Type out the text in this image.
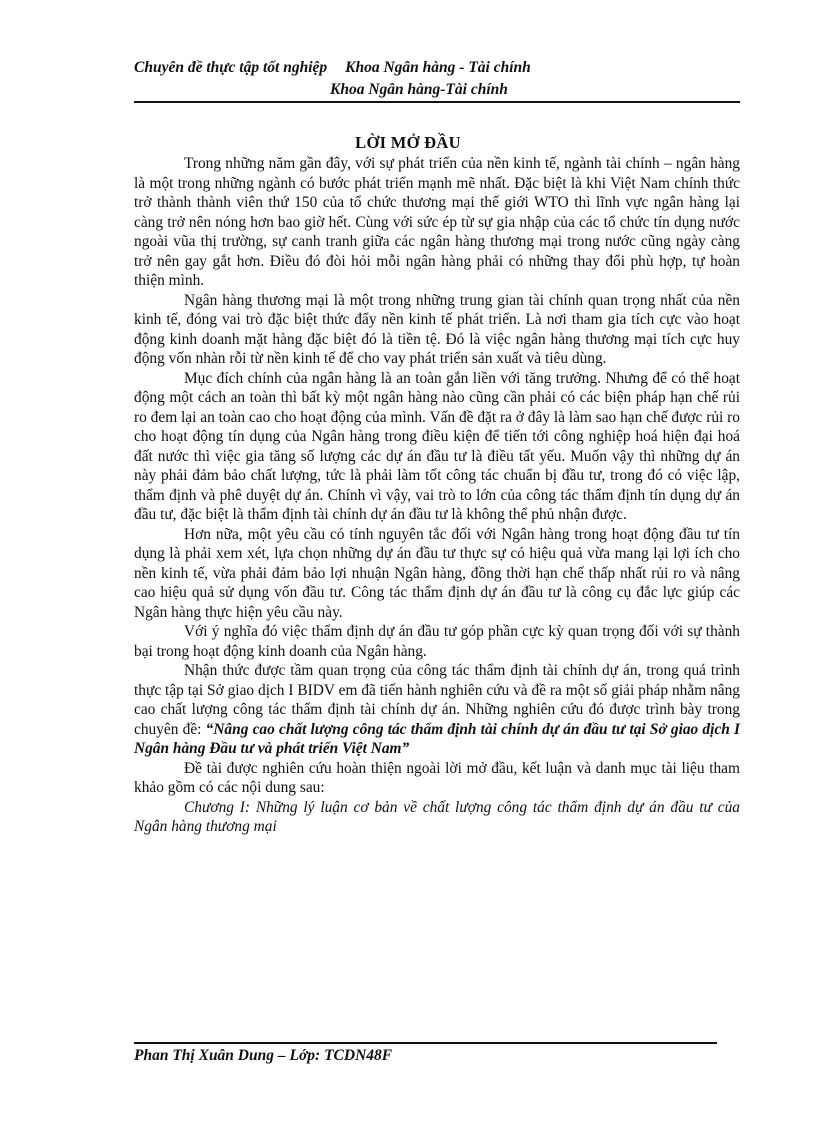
Chuyên đề thực tập tốt nghiệp Khoa Ngân hàng - Tài chính
Khoa Ngân hàng-Tài chính
LỜI MỞ ĐẦU

Trong những năm gần đây, với sự phát triển của nền kinh tế, ngành tài chính – ngân hàng là một trong những ngành có bước phát triển mạnh mẽ nhất. Đặc biệt là khi Việt Nam chính thức trở thành thành viên thứ 150 của tổ chức thương mại thế giới WTO thì lĩnh vực ngân hàng lại càng trở nên nóng hơn bao giờ hết. Cùng với sức ép từ sự gia nhập của các tổ chức tín dụng nước ngoài vũa thị trường, sự canh tranh giữa các ngân hàng thương mại trong nước cũng ngày càng trở nên gay gắt hơn. Điều đó đòi hỏi mỗi ngân hàng phải có những thay đổi phù hợp, tự hoàn thiện mình.

Ngân hàng thương mại là một trong những trung gian tài chính quan trọng nhất của nền kinh tế, đóng vai trò đặc biệt thức đẩy nền kinh tế phát triển. Là nơi tham gia tích cực vào hoạt động kinh doanh mặt hàng đặc biệt đó là tiền tệ. Đó là việc ngân hàng thương mại tích cực huy động vốn nhàn rỗi từ nền kinh tế để cho vay phát triển sản xuất và tiêu dùng.

Mục đích chính của ngân hàng là an toàn gắn liền với tăng trưởng. Nhưng để có thể hoạt động một cách an toàn thì bất kỳ một ngân hàng nào cũng cần phải có các biện pháp hạn chế rủi ro đem lại an toàn cao cho hoạt động của mình. Vấn đề đặt ra ở đây là làm sao hạn chế được rủi ro cho hoạt động tín dụng của Ngân hàng trong điều kiện để tiến tới công nghiệp hoá hiện đại hoá đất nước thì việc gia tăng số lượng các dự án đầu tư là điều tất yếu. Muốn vậy thì những dự án này phải đảm bảo chất lượng, tức là phải làm tốt công tác chuẩn bị đầu tư, trong đó có việc lập, thẩm định và phê duyệt dự án. Chính vì vậy, vai trò to lớn của công tác thẩm định tín dụng dự án đầu tư, đặc biệt là thẩm định tài chính dự án đầu tư là không thể phủ nhận được.

Hơn nữa, một yêu cầu có tính nguyên tắc đối với Ngân hàng trong hoạt động đầu tư tín dụng là phải xem xét, lựa chọn những dự án đầu tư thực sự có hiệu quả vừa mang lại lợi ích cho nền kinh tế, vừa phải đảm bảo lợi nhuận Ngân hàng, đồng thời hạn chế thấp nhất rủi ro và nâng cao hiệu quả sử dụng vốn đầu tư. Công tác thẩm định dự án đầu tư là công cụ đắc lực giúp các Ngân hàng thực hiện yêu cầu này.

Với ý nghĩa đó việc thẩm định dự án đầu tư góp phần cực kỳ quan trọng đối với sự thành bại trong hoạt động kinh doanh của Ngân hàng.

Nhận thức được tầm quan trọng của công tác thẩm định tài chính dự án, trong quá trình thực tập tại Sở giao dịch I BIDV em đã tiến hành nghiên cứu và đề ra một số giải pháp nhằm nâng cao chất lượng công tác thẩm định tài chính dự án. Những nghiên cứu đó được trình bày trong chuyên đề: “Nâng cao chất lượng công tác thẩm định tài chính dự án đầu tư tại Sở giao dịch I Ngân hàng Đầu tư và phát triển Việt Nam”

Đề tài được nghiên cứu hoàn thiện ngoài lời mở đầu, kết luận và danh mục tài liệu tham khảo gồm có các nội dung sau:

Chương I: Những lý luận cơ bản về chất lượng công tác thẩm định dự án đầu tư của Ngân hàng thương mại

Phan Thị Xuân Dung – Lớp: TCDN48F
